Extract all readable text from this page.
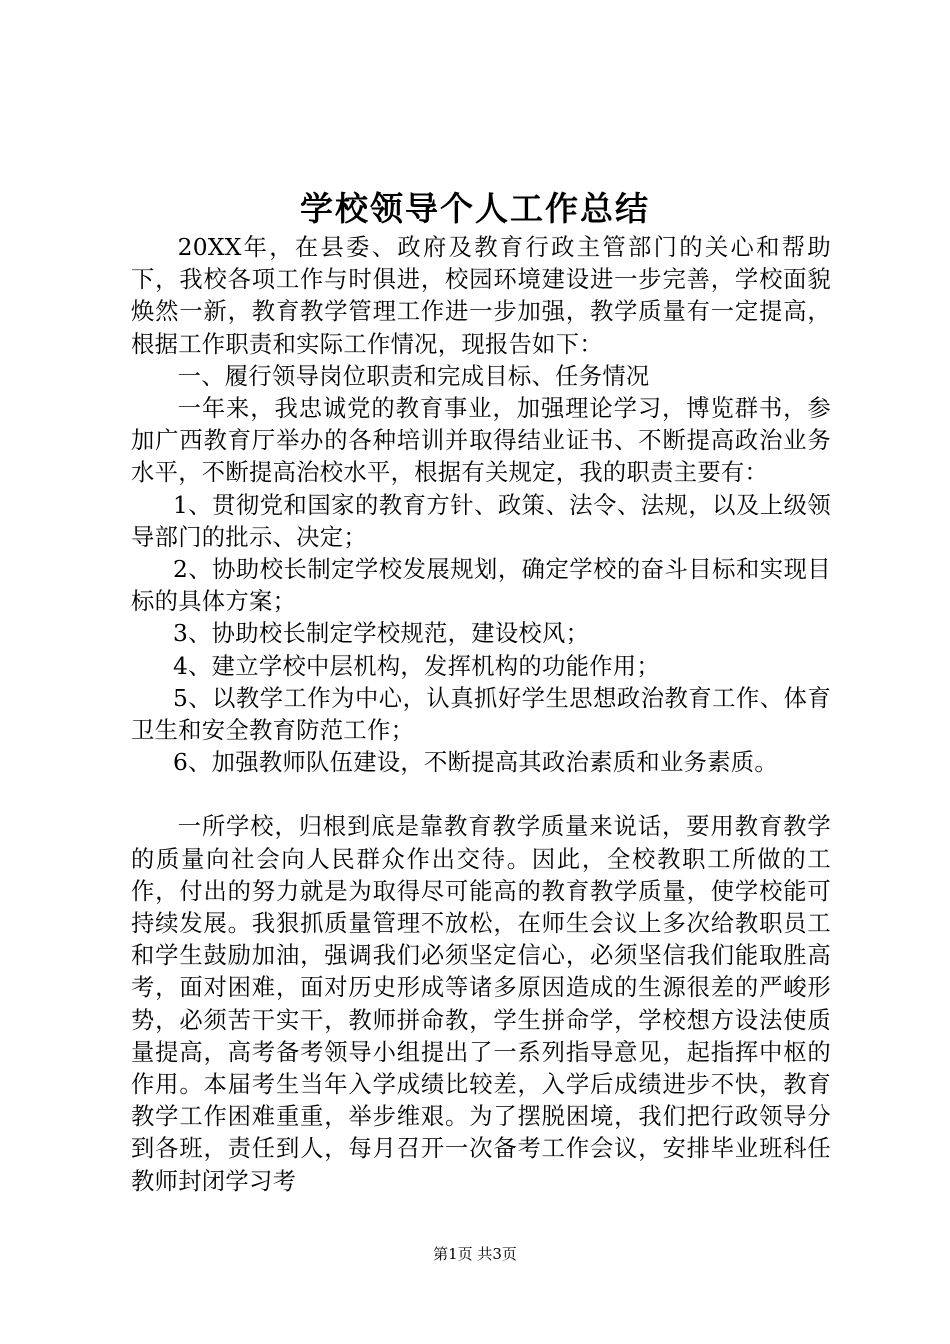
学校领导个人工作总结

20XX年，在县委、政府及教育行政主管部门的关心和帮助下，我校各项工作与时俱进，校园环境建设进一步完善，学校面貌焕然一新，教育教学管理工作进一步加强，教学质量有一定提高，根据工作职责和实际工作情况，现报告如下：

一、履行领导岗位职责和完成目标、任务情况

一年来，我忠诚党的教育事业，加强理论学习，博览群书，参加广西教育厅举办的各种培训并取得结业证书、不断提高政治业务水平，不断提高治校水平，根据有关规定，我的职责主要有：

1、贯彻党和国家的教育方针、政策、法令、法规，以及上级领导部门的批示、决定；

2、协助校长制定学校发展规划，确定学校的奋斗目标和实现目标的具体方案；

3、协助校长制定学校规范，建设校风；

4、建立学校中层机构，发挥机构的功能作用；

5、以教学工作为中心，认真抓好学生思想政治教育工作、体育卫生和安全教育防范工作；

6、加强教师队伍建设，不断提高其政治素质和业务素质。

一所学校，归根到底是靠教育教学质量来说话，要用教育教学的质量向社会向人民群众作出交待。因此，全校教职工所做的工作，付出的努力就是为取得尽可能高的教育教学质量，使学校能可持续发展。我狠抓质量管理不放松，在师生会议上多次给教职员工和学生鼓励加油，强调我们必须坚定信心，必须坚信我们能取胜高考，面对困难，面对历史形成等诸多原因造成的生源很差的严峻形势，必须苦干实干，教师拼命教，学生拼命学，学校想方设法使质量提高，高考备考领导小组提出了一系列指导意见，起指挥中枢的作用。本届考生当年入学成绩比较差，入学后成绩进步不快，教育教学工作困难重重，举步维艰。为了摆脱困境，我们把行政领导分到各班，责任到人，每月召开一次备考工作会议，安排毕业班科任教师封闭学习考

第1页 共3页
